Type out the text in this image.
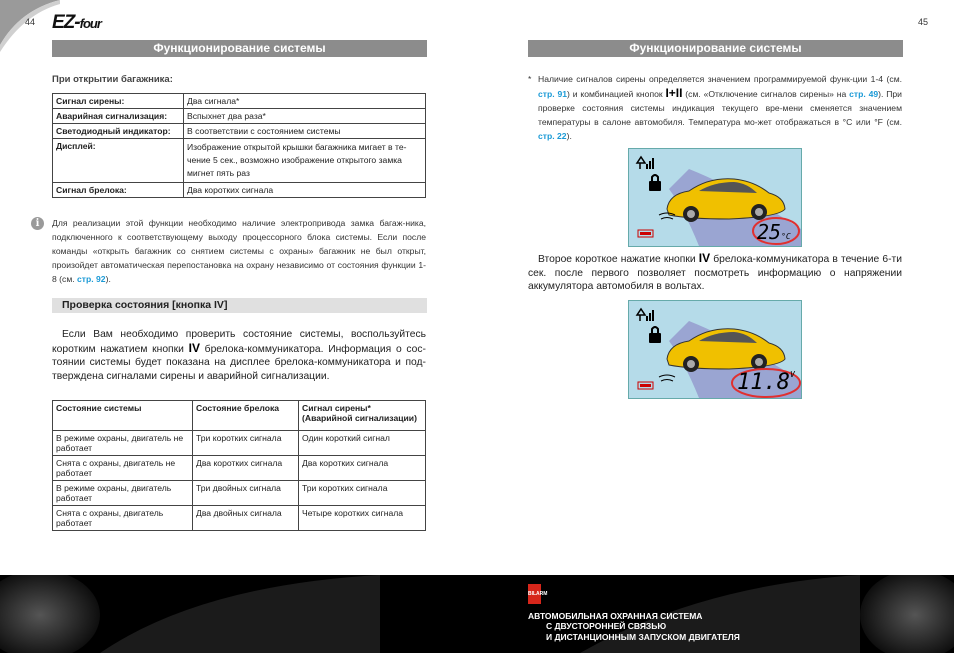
44 EZ-four
Функционирование системы
При открытии багажника:
Сигнал сирены:	Два сигнала*
Аварийная сигнализация:	Вспыхнет два раза*
Светодиодный индикатор:	В соответствии с состоянием системы
Дисплей:	Изображение открытой крышки багажника мигает в те-чение 5 сек., возможно изображение открытого замка мигнет пять раз
Сигнал брелока:	Два коротких сигнала
i	Для реализации этой функции необходимо наличие электропривода замка багаж-ника, подключенного к соответствующему выходу процессорного блока системы. Если после команды «открыть багажник со снятием системы с охраны» багажник не был открыт, произойдет автоматическая перепостановка на охрану независимо от состояния функции 1-8 (см. стр. 92).
Проверка состояния [кнопка IV]
Если Вам необходимо проверить состояние системы, воспользуйтесь коротким нажатием кнопки IV брелока-коммуникатора. Информация о сос-тоянии системы будет показана на дисплее брелока-коммуникатора и под-тверждена сигналами сирены и аварийной сигнализации.
Состояние системы	Состояние брелока	Сигнал сирены* (Аварийной сигнализации)
В режиме охраны, двигатель не работает	Три коротких сигнала	Один короткий сигнал
Снята с охраны, двигатель не работает	Два коротких сигнала	Два коротких сигнала
В режиме охраны, двигатель работает	Три двойных сигнала	Три коротких сигнала
Снята с охраны, двигатель работает	Два двойных сигнала	Четыре коротких сигнала
45
Функционирование системы
* Наличие сигналов сирены определяется значением программируемой функ-ции 1-4 (см. стр. 91) и комбинацией кнопок I+II (см. «Отключение сигналов сирены» на стр. 49). При проверке состояния системы индикация текущего вре-мени сменяется значением температуры в салоне автомобиля. Температура мо-жет отображаться в °C или °F (см. стр. 22).
25°C
Второе короткое нажатие кнопки IV брелока-коммуникатора в течение 6-ти сек. после первого позволяет посмотреть информацию о напряжении аккумулятора автомобиля в вольтах.
$11.8^V$
BILARM
АВТОМОБИЛЬНАЯ ОХРАННАЯ СИСТЕМА
С ДВУСТОРОННЕЙ СВЯЗЬЮ
И ДИСТАНЦИОННЫМ ЗАПУСКОМ ДВИГАТЕЛЯ
